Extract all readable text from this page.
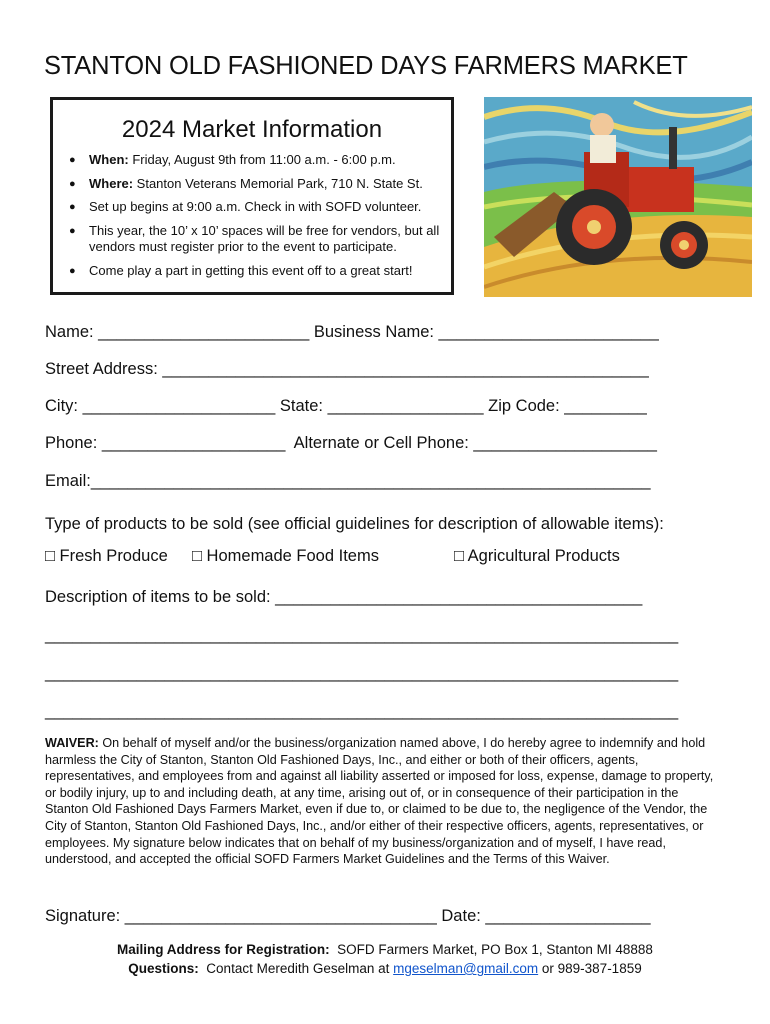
STANTON OLD FASHIONED DAYS FARMERS MARKET
2024 Market Information
● When: Friday, August 9th from 11:00 a.m. - 6:00 p.m.
● Where: Stanton Veterans Memorial Park, 710 N. State St.
● Set up begins at 9:00 a.m. Check in with SOFD volunteer.
● This year, the 10’ x 10’ spaces will be free for vendors, but all vendors must register prior to the event to participate.
● Come play a part in getting this event off to a great start!
Name: _______________________ Business Name: ________________________
Street Address: _____________________________________________________
City: _____________________ State: _________________ Zip Code: _________
Phone: ____________________  Alternate or Cell Phone: ____________________
Email:_____________________________________________________________
Type of products to be sold (see official guidelines for description of allowable items):
□ Fresh Produce □ Homemade Food Items	□ Agricultural Products
Description of items to be sold: ________________________________________
_____________________________________________________________________
_____________________________________________________________________
_____________________________________________________________________
WAIVER: On behalf of myself and/or the business/organization named above, I do hereby agree to indemnify and hold harmless the City of Stanton, Stanton Old Fashioned Days, Inc., and either or both of their officers, agents, representatives, and employees from and against all liability asserted or imposed for loss, expense, damage to property, or bodily injury, up to and including death, at any time, arising out of, or in consequence of their participation in the Stanton Old Fashioned Days Farmers Market, even if due to, or claimed to be due to, the negligence of the Vendor, the City of Stanton, Stanton Old Fashioned Days, Inc., and/or either of their respective officers, agents, representatives, or employees. My signature below indicates that on behalf of my business/organization and of myself, I have read, understood, and accepted the official SOFD Farmers Market Guidelines and the Terms of this Waiver.
Signature: __________________________________ Date: __________________
Mailing Address for Registration:  SOFD Farmers Market, PO Box 1, Stanton MI 48888
Questions:  Contact Meredith Geselman at mgeselman@gmail.com or 989-387-1859
